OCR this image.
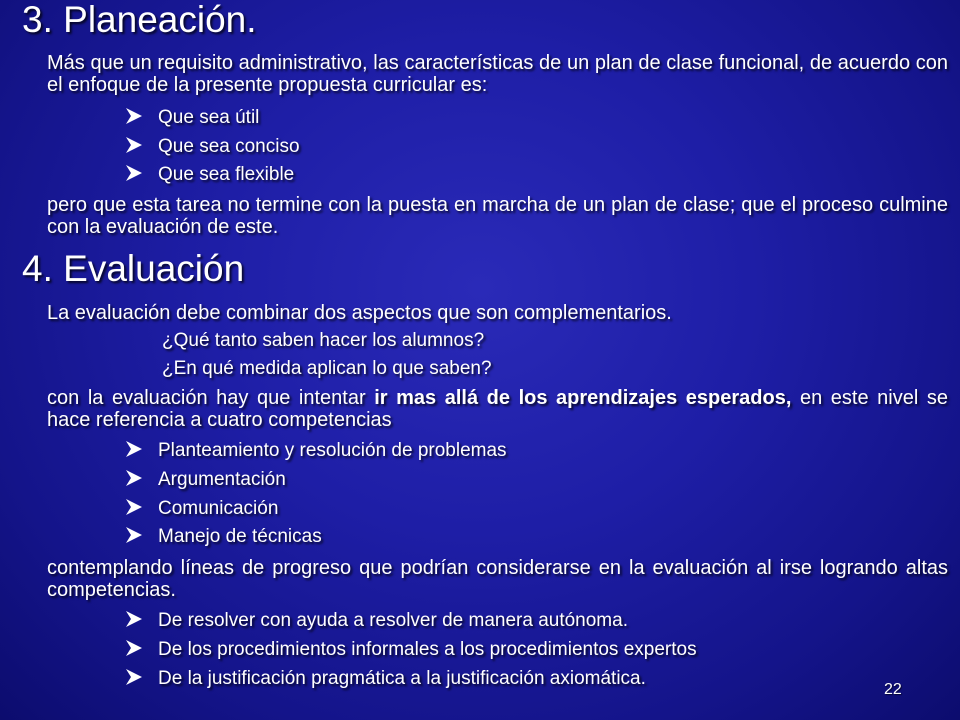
3. Planeación.
Más que un requisito administrativo, las características de un plan de clase funcional, de acuerdo con el enfoque de la presente propuesta curricular es:
Que sea útil
Que sea conciso
Que sea flexible
pero que esta tarea no termine con la puesta en marcha de un plan de clase; que el proceso culmine con la evaluación de este.
4. Evaluación
La evaluación debe combinar dos aspectos que son complementarios.
¿Qué tanto saben hacer los alumnos?
¿En qué medida aplican lo que saben?
con la evaluación hay que intentar ir mas allá de los aprendizajes esperados, en este nivel se hace referencia a cuatro competencias
Planteamiento y resolución de problemas
Argumentación
Comunicación
Manejo de técnicas
contemplando líneas de progreso que podrían considerarse en la evaluación al irse logrando altas competencias.
De resolver con ayuda a resolver de manera autónoma.
De los procedimientos informales a los procedimientos expertos
De la justificación pragmática a la justificación axiomática.
22
